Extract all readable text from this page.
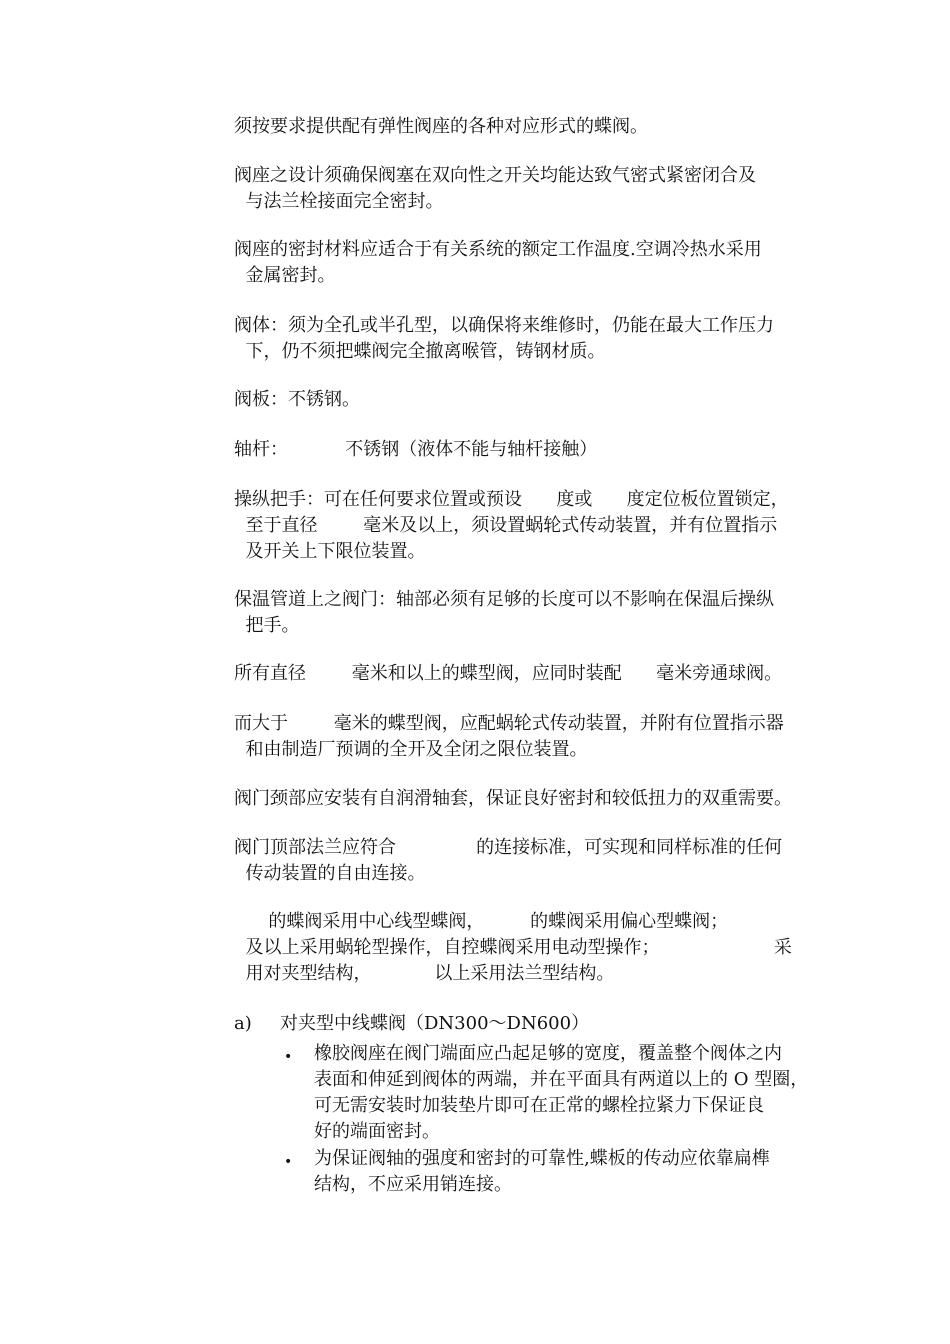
须按要求提供配有弹性阀座的各种对应形式的蝶阀。
阀座之设计须确保阀塞在双向性之开关均能达致气密式紧密闭合及
与法兰栓接面完全密封。
阀座的密封材料应适合于有关系统的额定工作温度.空调冷热水采用
金属密封。
阀体：须为全孔或半孔型，以确保将来维修时，仍能在最大工作压力
下，仍不须把蝶阀完全撤离喉管，铸钢材质。
阀板：不锈钢。
轴杆：          不锈钢（液体不能与轴杆接触）
操纵把手：可在任何要求位置或预设      度或      度定位板位置锁定，
至于直径        毫米及以上，须设置蜗轮式传动装置，并有位置指示
及开关上下限位装置。
保温管道上之阀门：轴部必须有足够的长度可以不影响在保温后操纵
把手。
所有直径        毫米和以上的蝶型阀，应同时装配      毫米旁通球阀。
而大于        毫米的蝶型阀，应配蜗轮式传动装置，并附有位置指示器
和由制造厂预调的全开及全闭之限位装置。
阀门颈部应安装有自润滑轴套，保证良好密封和较低扭力的双重需要。
阀门顶部法兰应符合              的连接标准，可实现和同样标准的任何
传动装置的自由连接。
的蝶阀采用中心线型蝶阀，        的蝶阀采用偏心型蝶阀；
及以上采用蜗轮型操作，自控蝶阀采用电动型操作；                    采
用对夹型结构，           以上采用法兰型结构。
a)	对夹型中线蝶阀（DN300～DN600）
•	橡胶阀座在阀门端面应凸起足够的宽度，覆盖整个阀体之内
表面和伸延到阀体的两端，并在平面具有两道以上的 O 型圈，
可无需安装时加装垫片即可在正常的螺栓拉紧力下保证良
好的端面密封。
•	为保证阀轴的强度和密封的可靠性,蝶板的传动应依靠扁榫
结构，不应采用销连接。
